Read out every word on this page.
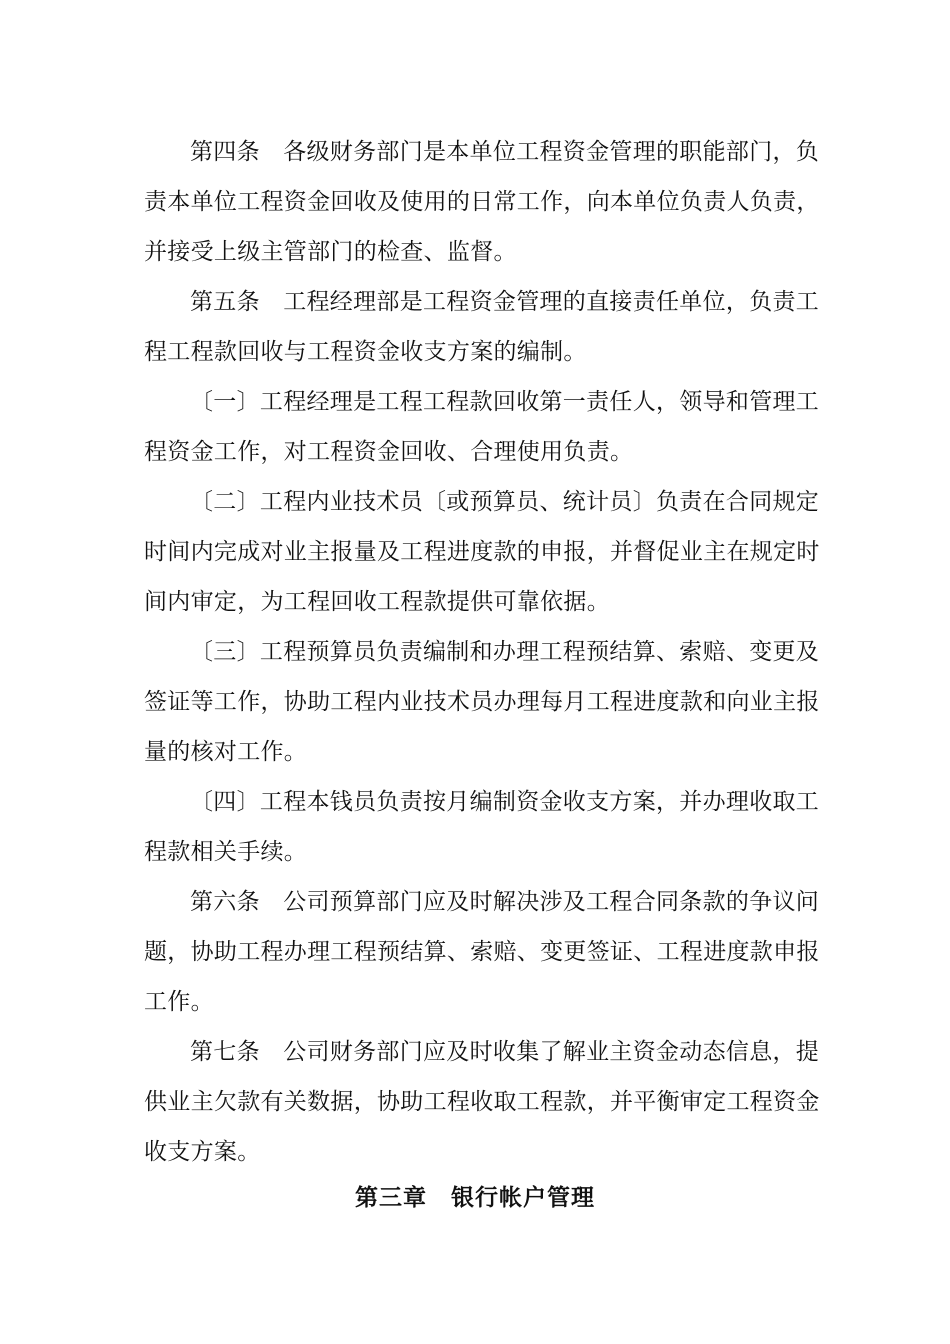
第四条　各级财务部门是本单位工程资金管理的职能部门，负
责本单位工程资金回收及使用的日常工作，向本单位负责人负责，
并接受上级主管部门的检查、监督。
第五条　工程经理部是工程资金管理的直接责任单位，负责工
程工程款回收与工程资金收支方案的编制。
〔一〕工程经理是工程工程款回收第一责任人，领导和管理工
程资金工作，对工程资金回收、合理使用负责。
〔二〕工程内业技术员〔或预算员、统计员〕负责在合同规定
时间内完成对业主报量及工程进度款的申报，并督促业主在规定时
间内审定，为工程回收工程款提供可靠依据。
〔三〕工程预算员负责编制和办理工程预结算、索赔、变更及
签证等工作，协助工程内业技术员办理每月工程进度款和向业主报
量的核对工作。
〔四〕工程本钱员负责按月编制资金收支方案，并办理收取工
程款相关手续。
第六条　公司预算部门应及时解决涉及工程合同条款的争议问
题，协助工程办理工程预结算、索赔、变更签证、工程进度款申报
工作。
第七条　公司财务部门应及时收集了解业主资金动态信息，提
供业主欠款有关数据，协助工程收取工程款，并平衡审定工程资金
收支方案。
第三章　银行帐户管理
